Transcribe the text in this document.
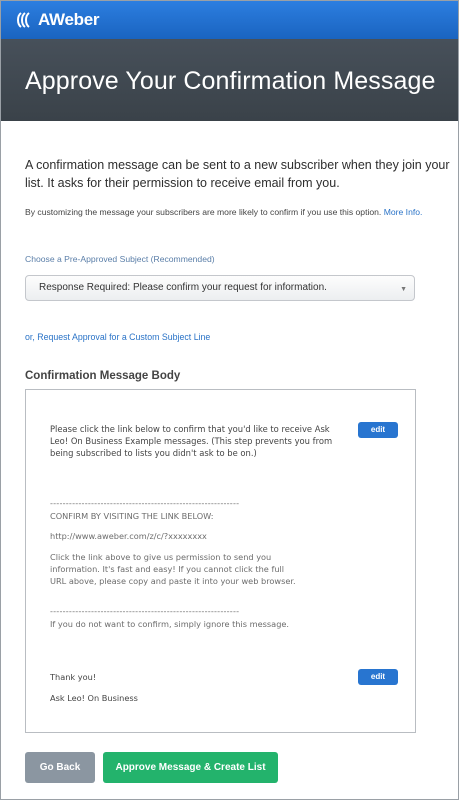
AWeber
Approve Your Confirmation Message

A confirmation message can be sent to a new subscriber when they join your list. It asks for their permission to receive email from you.

By customizing the message your subscribers are more likely to confirm if you use this option. More Info.

Choose a Pre-Approved Subject (Recommended)
Response Required: Please confirm your request for information.	▼
or, Request Approval for a Custom Subject Line
Confirmation Message Body

Please click the link below to confirm that you'd like to receive Ask Leo! On Business Example messages. (This step prevents you from being subscribed to lists you didn't ask to be on.)

edit
------------------------------------------------------------
CONFIRM BY VISITING THE LINK BELOW:
http://www.aweber.com/z/c/?xxxxxxxx
Click the link above to give us permission to send you information. It's fast and easy! If you cannot click the full URL above, please copy and paste it into your web browser.
------------------------------------------------------------
If you do not want to confirm, simply ignore this message.
Thank you!	edit
Ask Leo! On Business
Go Back	Approve Message & Create List
